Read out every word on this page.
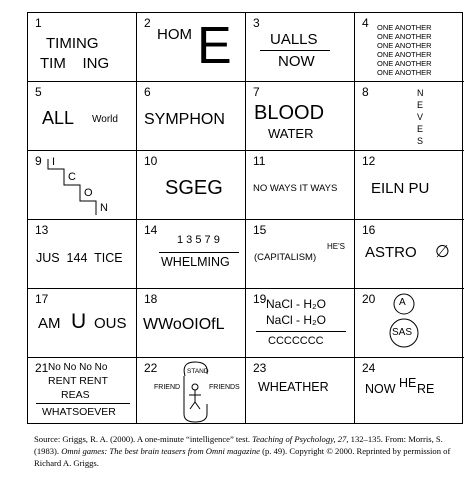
1
TIMING
TIM    ING
2
HOM E 3
UALLS
NOW
4 ONE ANOTHER
ONE ANOTHER
ONE ANOTHER
ONE ANOTHER
ONE ANOTHER
ONE ANOTHER
5
ALL World
6
SYMPHON
7
BLOOD
WATER
8	N
E
V
E
S
9 I
C
O
N
10
SGEG
11
NO WAYS IT WAYS
12
EILN PU
13
JUS  144  TICE
14
1 3 5 7 9
WHELMING
15
(CAPITALISM)
HE'S
16
ASTRO ∅
17
AM U OUS
18
WWoOIOfL
19 NaCl - H₂O
NaCl - H₂O
CCCCCCC
20 A
SAS
21 No No No No
RENT RENT
REAS
WHATSOEVER
22	STAND
FRIEND	FRIENDS
23
WHEATHER
24
NOW HE RE
Source: Griggs, R. A. (2000). A one-minute “intelligence” test. Teaching of Psychology, 27, 132–135. From: Morris, S. (1983). Omni games: The best brain teasers from Omni magazine (p. 49). Copyright © 2000. Reprinted by permission of Richard A. Griggs.
